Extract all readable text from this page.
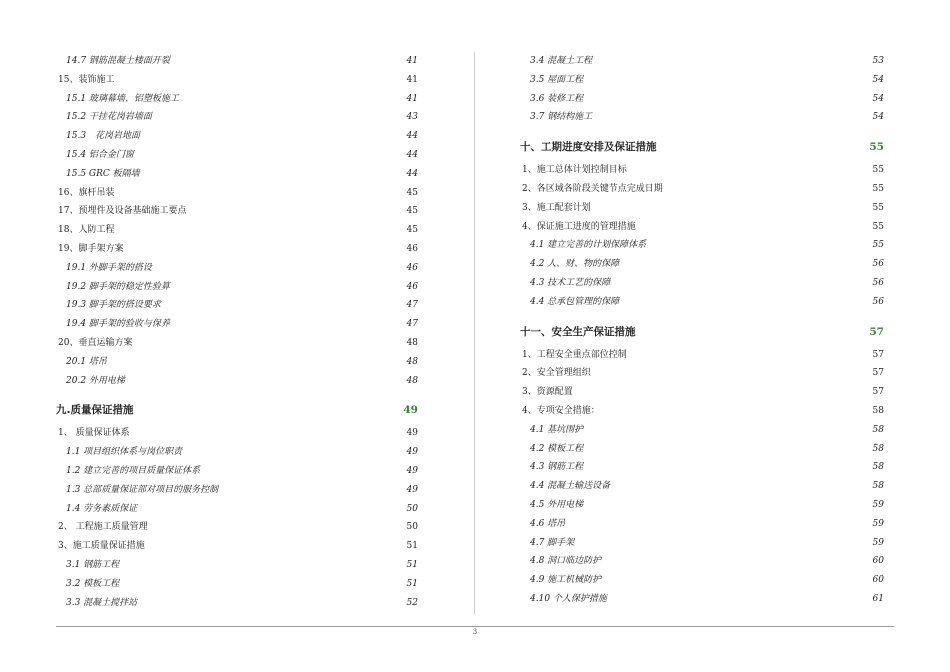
14.7 钢筋混凝土楼面开裂	41
15、装饰施工	41
15.1 玻璃幕墙、铝塑板施工	41
15.2 干挂花岗岩墙面	43
15.3　花岗岩地面	44
15.4 铝合金门窗	44
15.5 GRC 板隔墙	44
16、旗杆吊装	45
17、预埋件及设备基础施工要点	45
18、人防工程	45
19、脚手架方案	46
19.1 外脚手架的搭设	46
19.2 脚手架的稳定性验算	46
19.3 脚手架的搭设要求	47
19.4 脚手架的验收与保养	47
20、垂直运输方案	48
20.1 塔吊	48
20.2 外用电梯	48
九.质量保证措施	49
1、 质量保证体系	49
1.1 项目组织体系与岗位职责	49
1.2 建立完善的项目质量保证体系	49
1.3 总部质量保证部对项目的服务控制	49
1.4 劳务素质保证	50
2、 工程施工质量管理	50
3、施工质量保证措施	51
3.1 钢筋工程	51
3.2 模板工程	51
3.3 混凝土搅拌站	52
3.4 混凝土工程	53
3.5 屋面工程	54
3.6 装修工程	54
3.7 钢结构施工	54
十、工期进度安排及保证措施	55
1、施工总体计划控制目标	55
2、各区域各阶段关键节点完成日期	55
3、施工配套计划	55
4、保证施工进度的管理措施	55
4.1 建立完善的计划保障体系	55
4.2 人、财、物的保障	56
4.3 技术工艺的保障	56
4.4 总承包管理的保障	56
十一、安全生产保证措施	57
1、工程安全重点部位控制	57
2、安全管理组织	57
3、资源配置	57
4、专项安全措施：	58
4.1 基坑围护	58
4.2 模板工程	58
4.3 钢筋工程	58
4.4 混凝土输送设备	58
4.5 外用电梯	59
4.6 塔吊	59
4.7 脚手架	59
4.8 洞口临边防护	60
4.9 施工机械防护	60
4.10 个人保护措施	61
3
